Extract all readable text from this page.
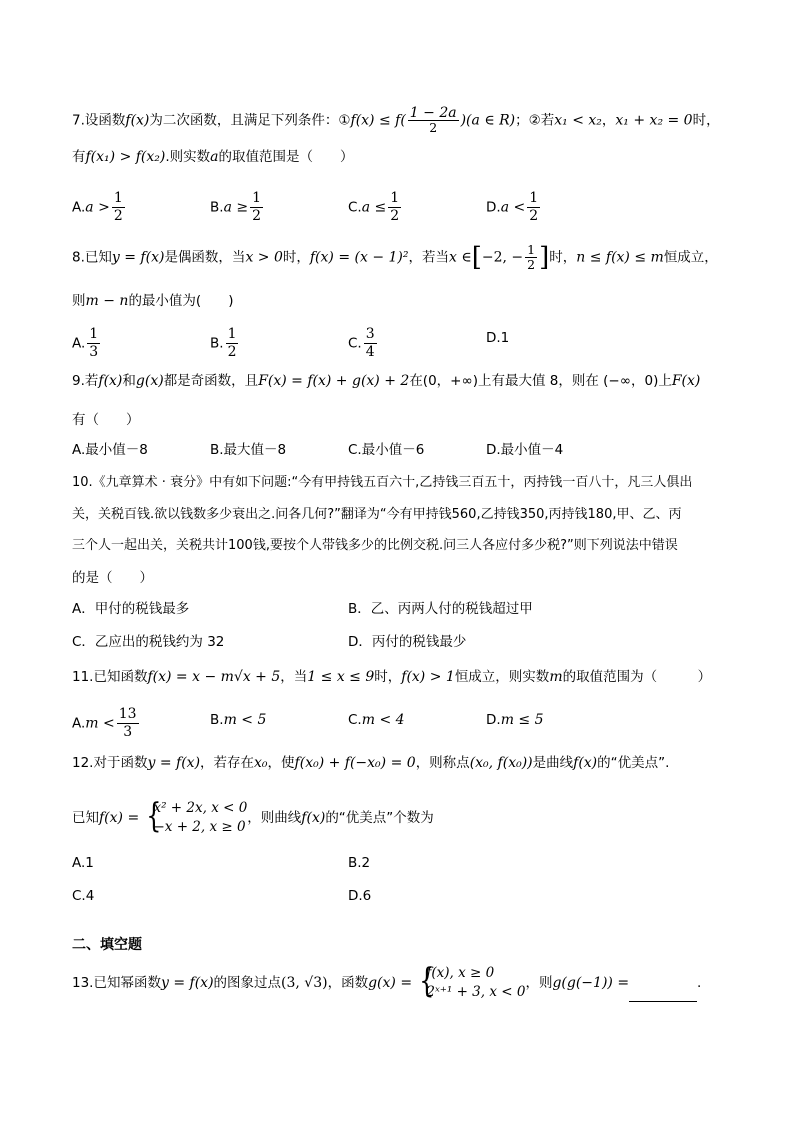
7.设函数f(x)为二次函数，且满足下列条件：①f(x) ≤ $f( \frac{1 - 2a}{2} )(a$ ∈ R)；②若x₁ < x₂，x₁ + x₂ = 0时，
有f(x₁) > f(x₂).则实数a的取值范围是（　　）
$A.a > \frac{1}{2}$	$B.a \ge \frac{1}{2}$	$C.a \le \frac{1}{2}$	$D.a < \frac{1}{2}$
8.已知y = f(x)是偶函数，当x > 0时，f(x) = (x − 1)²，若当x ∈[−2, − $\frac{1}{2}$ ]时，n ≤ f(x) ≤ m恒成立，
则m − n的最小值为(　　)
A. $\frac{1}{3}$	B. $\frac{1}{2}$	C. $\frac{3}{4}$	D.1
9.若f(x)和g(x)都是奇函数，且F(x) = f(x) + g(x) + 2在(0，+∞)上有最大值 8，则在 (−∞，0)上F(x)
有（　　）
A.最小值－8	B.最大值－8	C.最小值－6	D.最小值－4
10.《九章算术 · 衰分》中有如下问题:“今有甲持钱五百六十,乙持钱三百五十，丙持钱一百八十，凡三人俱出
关，关税百钱.欲以钱数多少衰出之.问各几何?”翻译为“今有甲持钱560,乙持钱350,丙持钱180,甲、乙、丙
三个人一起出关，关税共计100钱,要按个人带钱多少的比例交税.问三人各应付多少税?”则下列说法中错误
的是（　　）
A．甲付的税钱最多	B．乙、丙两人付的税钱超过甲
C．乙应出的税钱约为 32	D．丙付的税钱最少
11.已知函数f(x) = x − m√x + 5，当1 ≤ x ≤ 9时，f(x) > 1恒成立，则实数m的取值范围为（　　　）
$A.m < \frac{13}{3}$	B.m < 5	C.m < 4	D.m ≤ 5
12.对于函数y = f(x)，若存在x₀，使f(x₀) + f(−x₀) = 0，则称点(x₀, f(x₀))是曲线f(x)的“优美点”.
已知f(x) = {
x² + 2x, x < 0
−x + 2, x ≥ 0
，则曲线f(x)的“优美点”个数为
A.1	B.2
C.4	D.6
二、填空题
13.已知幂函数y = f(x)的图象过点(3, √3)，函数g(x) = {
f(x), x ≥ 0
2ˣ⁺¹ + 3, x < 0
，则g(g(−1)) =	.
